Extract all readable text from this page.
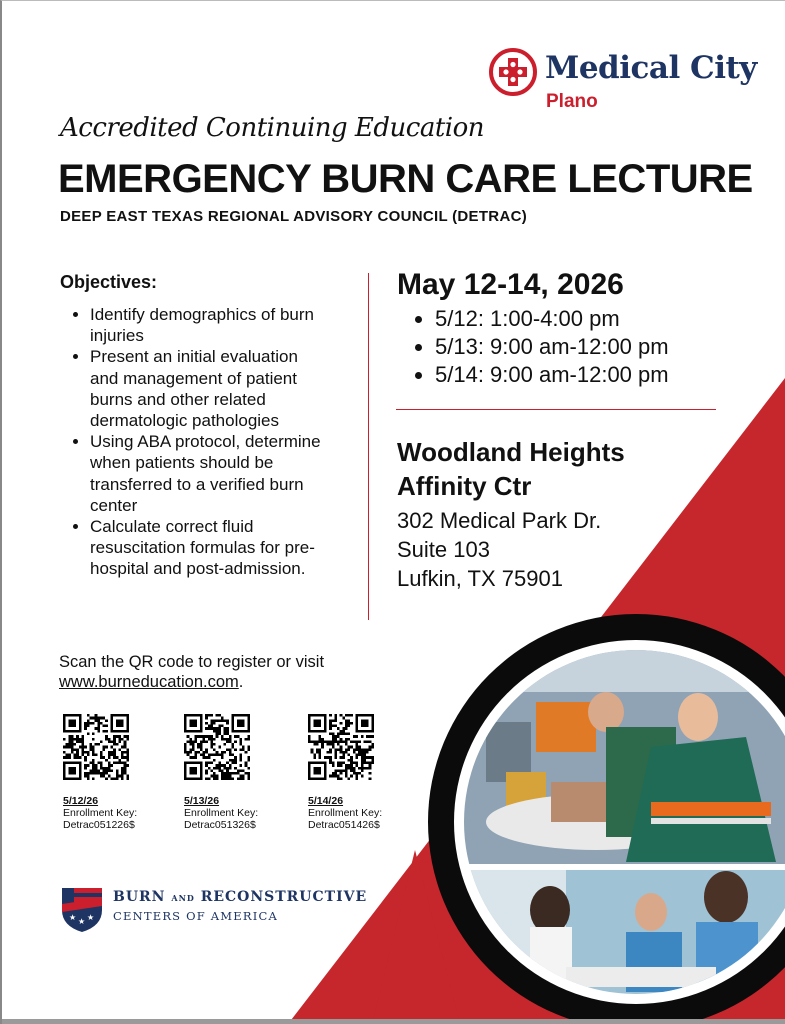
Medical City
Plano
Accredited Continuing Education
EMERGENCY BURN CARE LECTURE
DEEP EAST TEXAS REGIONAL ADVISORY COUNCIL (DETRAC)
Objectives:
• Identify demographics of burn injuries
• Present an initial evaluation and management of patient burns and other related dermatologic pathologies
• Using ABA protocol, determine when patients should be transferred to a verified burn center
• Calculate correct fluid resuscitation formulas for pre-hospital and post-admission.
May 12-14, 2026
• 5/12: 1:00-4:00 pm
• 5/13: 9:00 am-12:00 pm
• 5/14: 9:00 am-12:00 pm
Woodland Heights Affinity Ctr
302 Medical Park Dr.
Suite 103
Lufkin, TX 75901
Scan the QR code to register or visit
www.burneducation.com.
5/12/26
Enrollment Key:
Detrac051226$
5/13/26
Enrollment Key:
Detrac051326$
5/14/26
Enrollment Key:
Detrac051426$
★ ★ ★
BURN AND RECONSTRUCTIVE
CENTERS OF AMERICA
